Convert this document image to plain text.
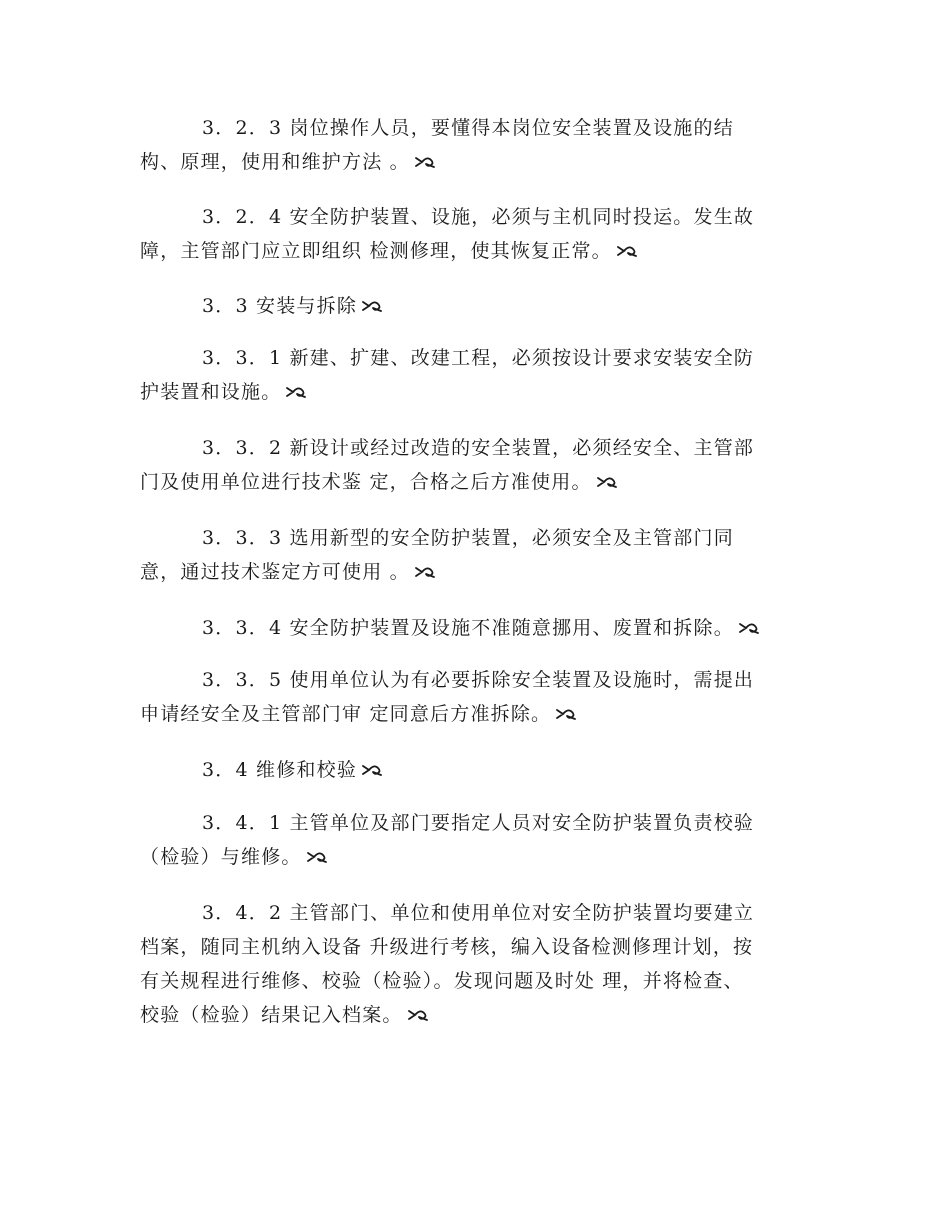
3．2．3 岗位操作人员，要懂得本岗位安全装置及设施的结
构、原理，使用和维护方法 。

3．2．4 安全防护装置、设施，必须与主机同时投运。发生故
障，主管部门应立即组织 检测修理，使其恢复正常。

3．3 安装与拆除

3．3．1 新建、扩建、改建工程，必须按设计要求安装安全防
护装置和设施。

3．3．2 新设计或经过改造的安全装置，必须经安全、主管部
门及使用单位进行技术鉴 定，合格之后方准使用。

3．3．3 选用新型的安全防护装置，必须安全及主管部门同
意，通过技术鉴定方可使用 。

3．3．4 安全防护装置及设施不准随意挪用、废置和拆除。

3．3．5 使用单位认为有必要拆除安全装置及设施时，需提出
申请经安全及主管部门审 定同意后方准拆除。

3．4 维修和校验

3．4．1 主管单位及部门要指定人员对安全防护装置负责校验
（检验）与维修。

3．4．2 主管部门、单位和使用单位对安全防护装置均要建立
档案，随同主机纳入设备 升级进行考核，编入设备检测修理计划，按
有关规程进行维修、校验（检验）。发现问题及时处 理，并将检查、
校验（检验）结果记入档案。
